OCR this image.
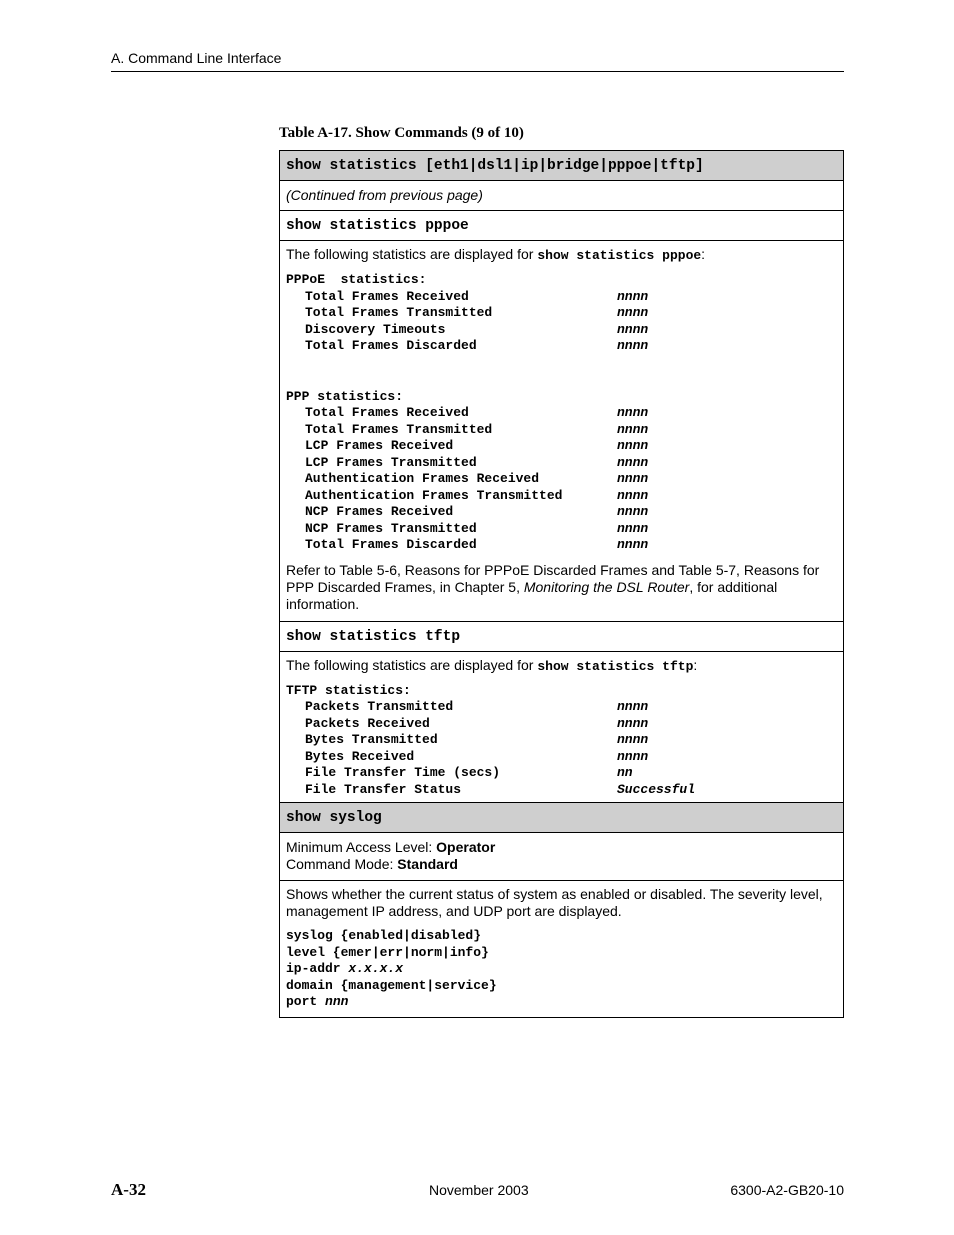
A. Command Line Interface
Table A-17. Show Commands (9 of 10)
show statistics [eth1|dsl1|ip|bridge|pppoe|tftp]
(Continued from previous page)
show statistics pppoe
The following statistics are displayed for show statistics pppoe:
PPPoE  statistics:
Total Frames Received	nnnn
Total Frames Transmitted	nnnn
Discovery Timeouts	nnnn
Total Frames Discarded	nnnn
PPP statistics:
Total Frames Received	nnnn
Total Frames Transmitted	nnnn
LCP Frames Received	nnnn
LCP Frames Transmitted	nnnn
Authentication Frames Received	nnnn
Authentication Frames Transmitted	nnnn
NCP Frames Received	nnnn
NCP Frames Transmitted	nnnn
Total Frames Discarded	nnnn
Refer to Table 5-6, Reasons for PPPoE Discarded Frames and Table 5-7, Reasons for PPP Discarded Frames, in Chapter 5, Monitoring the DSL Router, for additional information.
show statistics tftp
The following statistics are displayed for show statistics tftp:
TFTP statistics:
Packets Transmitted	nnnn
Packets Received	nnnn
Bytes Transmitted	nnnn
Bytes Received	nnnn
File Transfer Time (secs)	nn
File Transfer Status	Successful
show syslog
Minimum Access Level: Operator
Command Mode: Standard
Shows whether the current status of system as enabled or disabled. The severity level, management IP address, and UDP port are displayed.
syslog {enabled|disabled}
level {emer|err|norm|info}
ip-addr x.x.x.x
domain {management|service}
port nnn
A-32	November 2003	6300-A2-GB20-10
